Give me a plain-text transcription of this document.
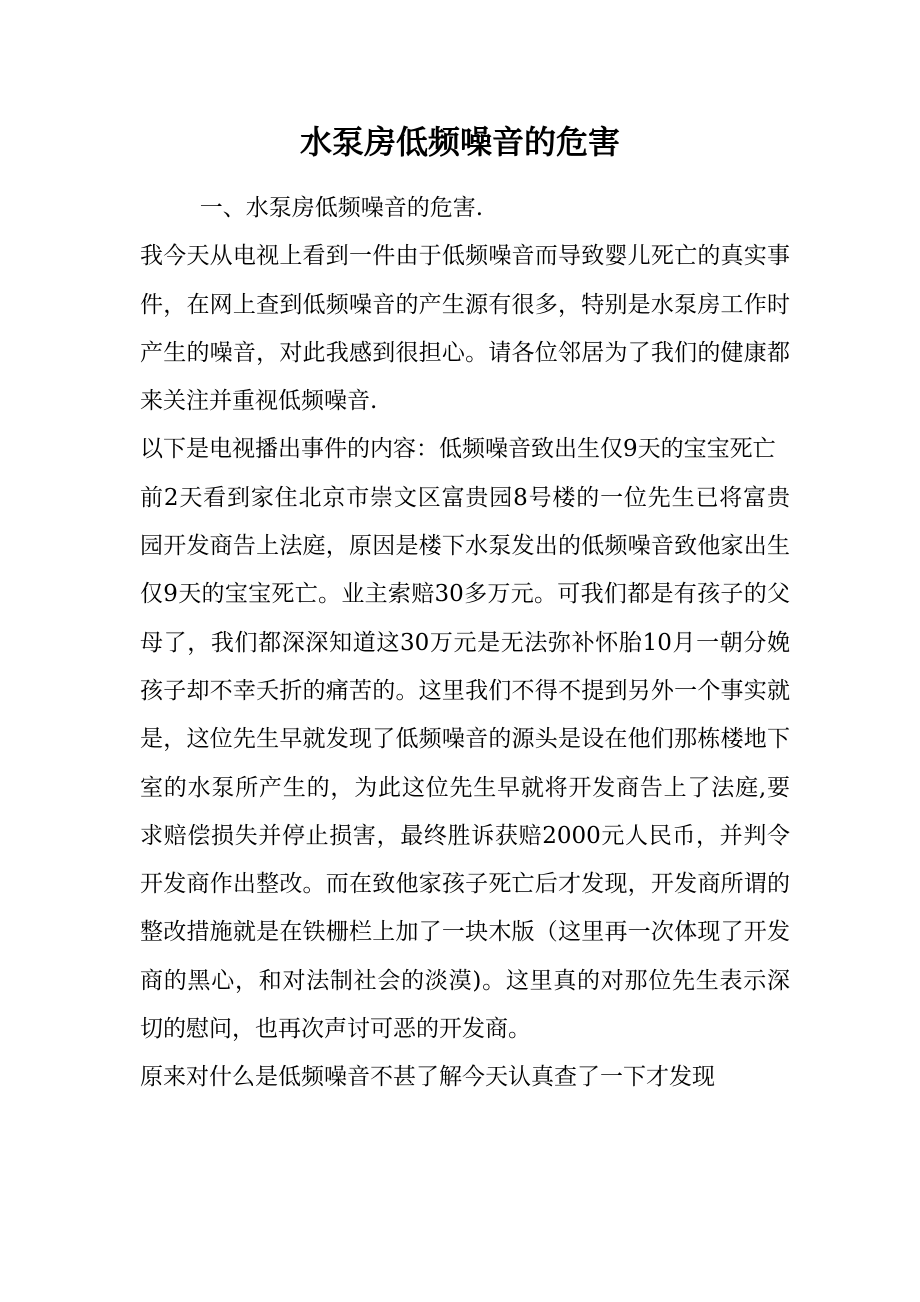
水泵房低频噪音的危害

一、水泵房低频噪音的危害.

我今天从电视上看到一件由于低频噪音而导致婴儿死亡的真实事件，在网上查到低频噪音的产生源有很多，特别是水泵房工作时产生的噪音，对此我感到很担心。请各位邻居为了我们的健康都来关注并重视低频噪音.

以下是电视播出事件的内容：低频噪音致出生仅9天的宝宝死亡

前2天看到家住北京市崇文区富贵园8号楼的一位先生已将富贵园开发商告上法庭，原因是楼下水泵发出的低频噪音致他家出生仅9天的宝宝死亡。业主索赔30多万元。可我们都是有孩子的父母了，我们都深深知道这30万元是无法弥补怀胎10月一朝分娩孩子却不幸夭折的痛苦的。这里我们不得不提到另外一个事实就是，这位先生早就发现了低频噪音的源头是设在他们那栋楼地下室的水泵所产生的，为此这位先生早就将开发商告上了法庭,要求赔偿损失并停止损害，最终胜诉获赔2000元人民币，并判令开发商作出整改。而在致他家孩子死亡后才发现，开发商所谓的整改措施就是在铁栅栏上加了一块木版（这里再一次体现了开发商的黑心，和对法制社会的淡漠)。这里真的对那位先生表示深切的慰问，也再次声讨可恶的开发商。

原来对什么是低频噪音不甚了解今天认真查了一下才发现
